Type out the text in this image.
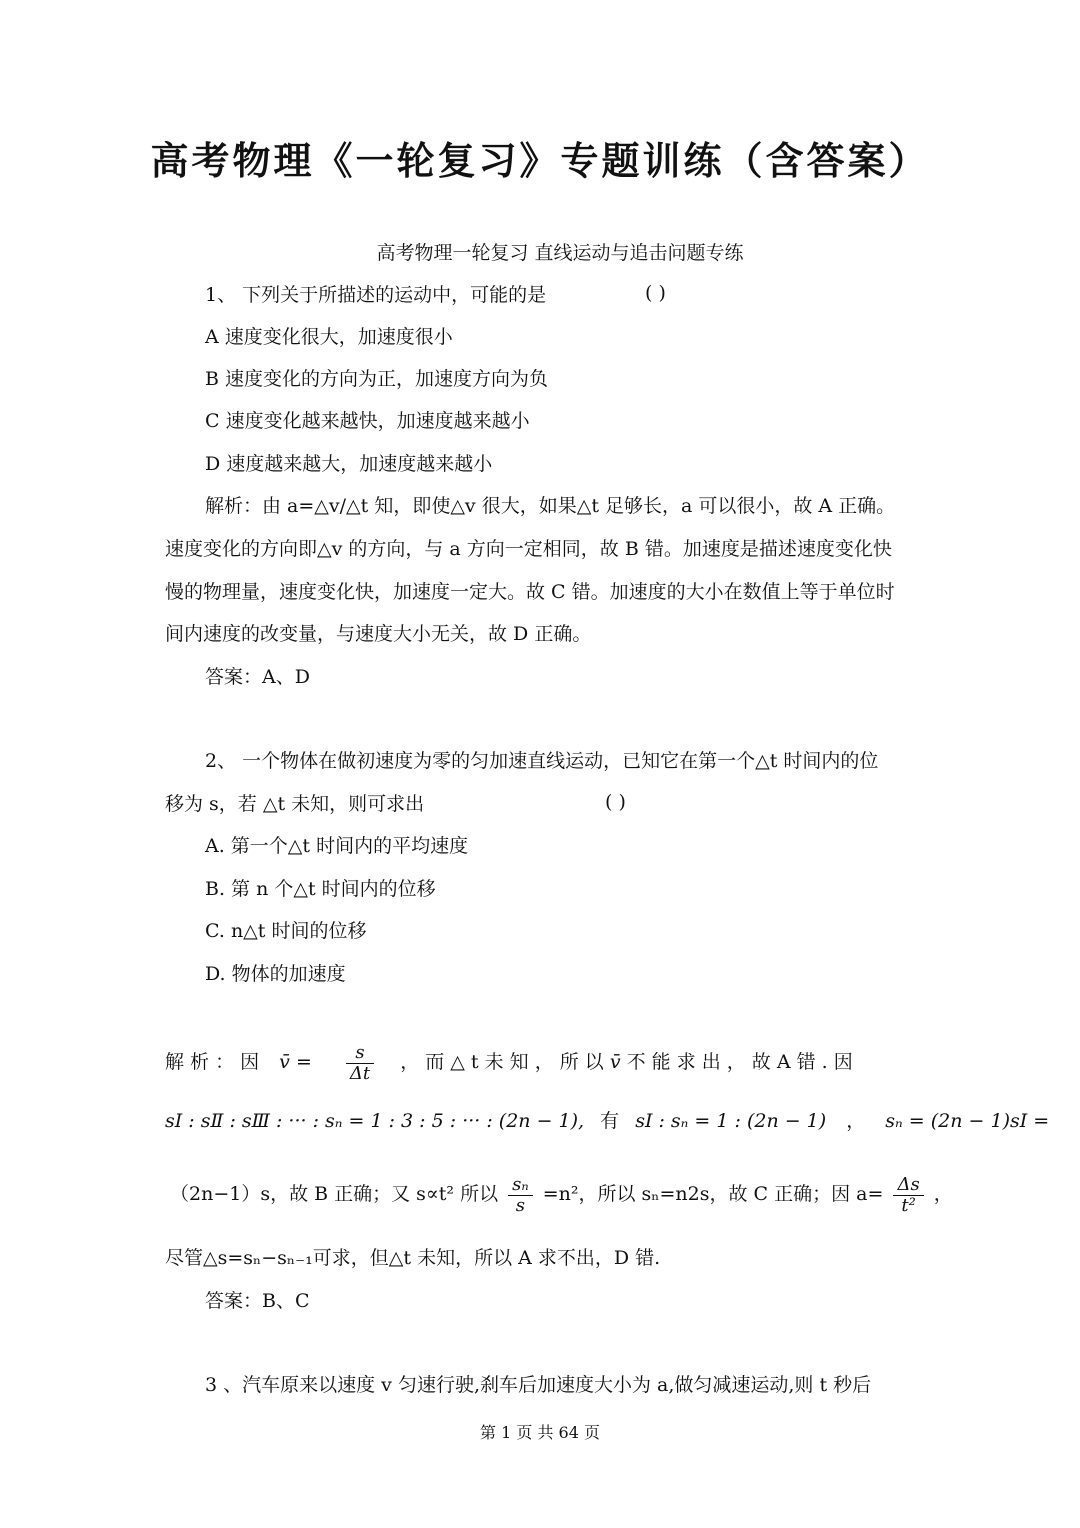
高考物理《一轮复习》专题训练（含答案）
高考物理一轮复习 直线运动与追击问题专练
1、 下列关于所描述的运动中，可能的是	( )
A 速度变化很大，加速度很小
B 速度变化的方向为正，加速度方向为负
C 速度变化越来越快，加速度越来越小
D 速度越来越大，加速度越来越小
解析：由 a=△v/△t 知，即使△v 很大，如果△t 足够长，a 可以很小，故 A 正确。
速度变化的方向即△v 的方向，与 a 方向一定相同，故 B 错。加速度是描述速度变化快
慢的物理量，速度变化快，加速度一定大。故 C 错。加速度的大小在数值上等于单位时
间内速度的改变量，与速度大小无关，故 D 正确。
答案：A、D
2、 一个物体在做初速度为零的匀加速直线运动，已知它在第一个△t 时间内的位
移为 s，若 △t 未知，则可求出	( )
A. 第一个△t 时间内的平均速度
B. 第 n 个△t 时间内的位移
C. n△t 时间的位移
D. 物体的加速度
解 析 ： 因 v̄ = $\frac{s}{\Delta t}$ ， 而 △ t 未 知 ， 所 以 v̄ 不 能 求 出 ， 故 A 错 . 因
sⅠ : sⅡ : sⅢ : ··· : sₙ = 1 : 3 : 5 : ··· : (2n − 1), 有 sⅠ : sₙ = 1 : (2n − 1) ， sₙ = (2n − 1)sⅠ =
（2n−1）s，故 B 正确；又 s∝t² 所以 $\frac{\text{sₙ}}{s} =n^2$，所以 sₙ=n2s，故 C 正确；因 $a= \frac{\Delta s}{\text{t²}}$ ，
尽管△s=sₙ−sₙ₋₁可求，但△t 未知，所以 A 求不出，D 错.
答案：B、C
3 、汽车原来以速度 v 匀速行驶,刹车后加速度大小为 a,做匀减速运动,则 t 秒后
第 1 页 共 64 页
